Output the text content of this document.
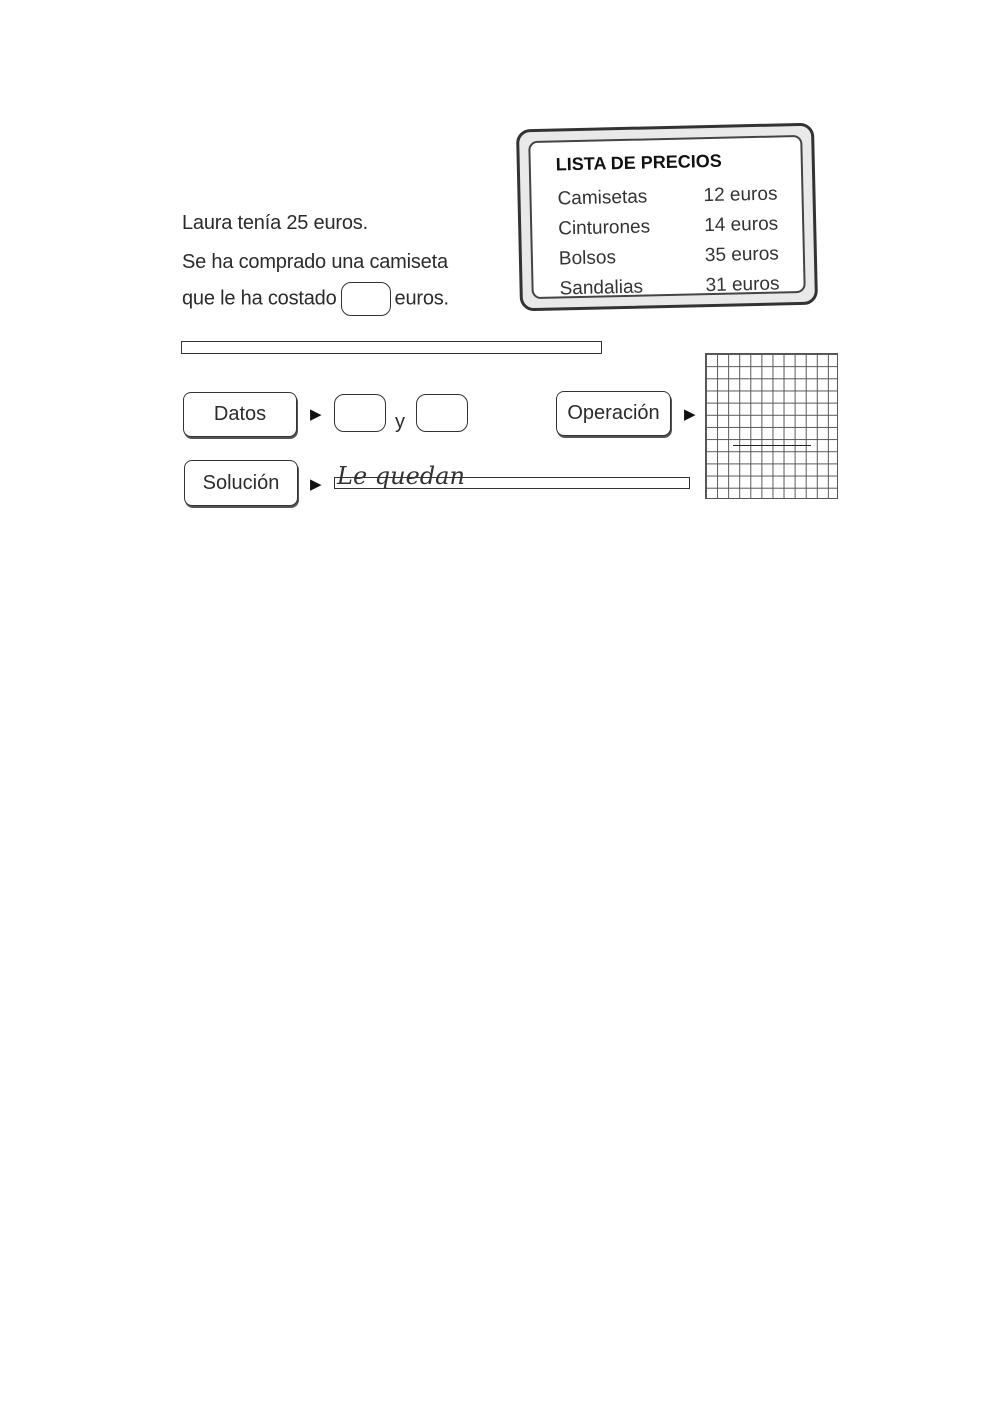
Laura tenía 25 euros.
Se ha comprado una camiseta
que le ha costado	euros.
LISTA DE PRECIOS
Camisetas	12 euros
Cinturones	14 euros
Bolsos	35 euros
Sandalias	31 euros
Datos	▶	y	Operación	▶
Solución	▶ Le quedan
